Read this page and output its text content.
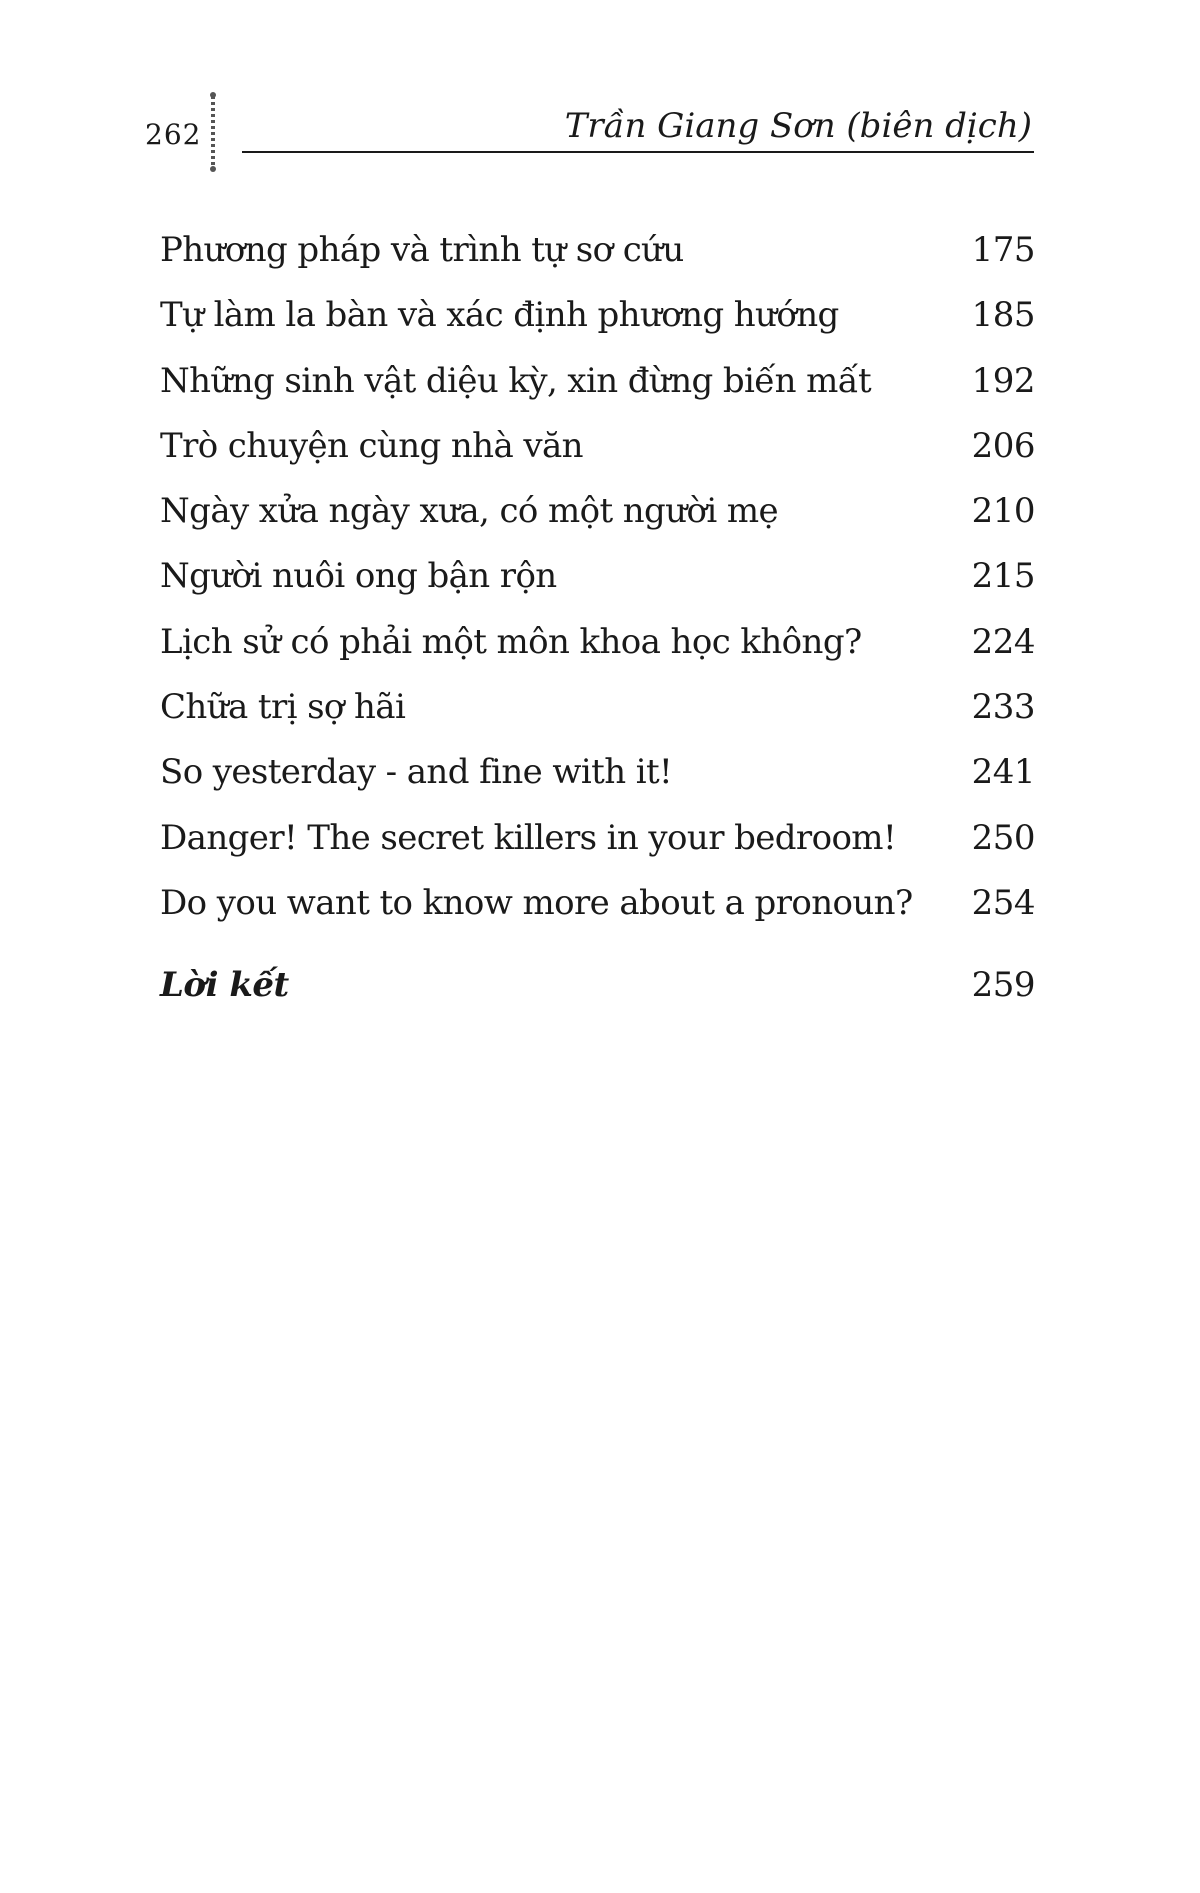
262	Trần Giang Sơn (biên dịch)
Phương pháp và trình tự sơ cứu	175
Tự làm la bàn và xác định phương hướng	185
Những sinh vật diệu kỳ, xin đừng biến mất	192
Trò chuyện cùng nhà văn	206
Ngày xửa ngày xưa, có một người mẹ	210
Người nuôi ong bận rộn	215
Lịch sử có phải một môn khoa học không?	224
Chữa trị sợ hãi	233
So yesterday - and fine with it!	241
Danger! The secret killers in your bedroom! 250
Do you want to know more about a pronoun? 254
Lời kết	259
